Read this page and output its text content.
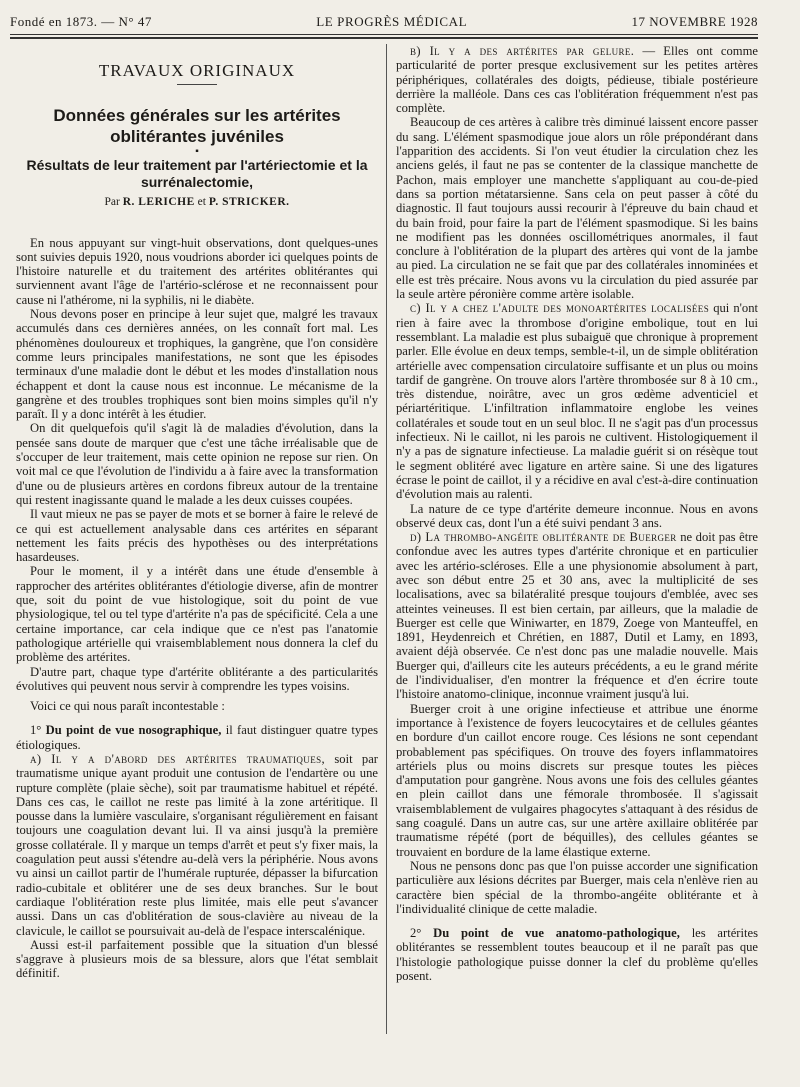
Fondé en 1873. — N° 47	LE PROGRÈS MÉDICAL	17 NOVEMBRE 1928
TRAVAUX ORIGINAUX
Données générales sur les artérites oblitérantes juvéniles
▪
Résultats de leur traitement par l'artériectomie et la surrénalectomie,
Par R. LERICHE et P. STRICKER.

En nous appuyant sur vingt-huit observations, dont quelques-unes sont suivies depuis 1920, nous voudrions aborder ici quelques points de l'histoire naturelle et du traitement des artérites oblitérantes qui surviennent avant l'âge de l'artério-sclérose et ne reconnaissent pour cause ni l'athérome, ni la syphilis, ni le diabète.

Nous devons poser en principe à leur sujet que, malgré les travaux accumulés dans ces dernières années, on les connaît fort mal. Les phénomènes douloureux et trophiques, la gangrène, que l'on considère comme leurs principales manifestations, ne sont que les épisodes terminaux d'une maladie dont le début et les modes d'installation nous échappent et dont la cause nous est inconnue. Le mécanisme de la gangrène et des troubles trophiques sont bien moins simples qu'il n'y paraît. Il y a donc intérêt à les étudier.

On dit quelquefois qu'il s'agit là de maladies d'évolution, dans la pensée sans doute de marquer que c'est une tâche irréalisable que de s'occuper de leur traitement, mais cette opinion ne repose sur rien. On voit mal ce que l'évolution de l'individu a à faire avec la transformation d'une ou de plusieurs artères en cordons fibreux autour de la trentaine qui restent inagissante quand le malade a les deux cuisses coupées.

Il vaut mieux ne pas se payer de mots et se borner à faire le relevé de ce qui est actuellement analysable dans ces artérites en séparant nettement les faits précis des hypothèses ou des interprétations hasardeuses.

Pour le moment, il y a intérêt dans une étude d'ensemble à rapprocher des artérites oblitérantes d'étiologie diverse, afin de montrer que, soit du point de vue histologique, soit du point de vue physiologique, tel ou tel type d'artérite n'a pas de spécificité. Cela a une certaine importance, car cela indique que ce n'est pas l'anatomie pathologique artérielle qui vraisemblablement nous donnera la clef du problème des artérites.

D'autre part, chaque type d'artérite oblitérante a des particularités évolutives qui peuvent nous servir à comprendre les types voisins.

Voici ce qui nous paraît incontestable :

1° Du point de vue nosographique, il faut distinguer quatre types étiologiques.

a) Il y a d'abord des artérites traumatiques, soit par traumatisme unique ayant produit une contusion de l'endartère ou une rupture complète (plaie sèche), soit par traumatisme habituel et répété. Dans ces cas, le caillot ne reste pas limité à la zone artéritique. Il pousse dans la lumière vasculaire, s'organisant régulièrement en faisant toujours une coagulation devant lui. Il va ainsi jusqu'à la première grosse collatérale. Il y marque un temps d'arrêt et peut s'y fixer mais, la coagulation peut aussi s'étendre au-delà vers la périphérie. Nous avons vu ainsi un caillot partir de l'humérale rupturée, dépasser la bifurcation radio-cubitale et oblitérer une de ses deux branches. Sur le bout cardiaque l'oblitération reste plus limitée, mais elle peut s'avancer aussi. Dans un cas d'oblitération de sous-clavière au niveau de la clavicule, le caillot se poursuivait au-delà de l'espace interscalénique.

Aussi est-il parfaitement possible que la situation d'un blessé s'aggrave à plusieurs mois de sa blessure, alors que l'état semblait définitif.

b) Il y a des artérites par gelure. — Elles ont comme particularité de porter presque exclusivement sur les petites artères périphériques, collatérales des doigts, pédieuse, tibiale postérieure derrière la malléole. Dans ces cas l'oblitération fréquemment n'est pas complète.

Beaucoup de ces artères à calibre très diminué laissent encore passer du sang. L'élément spasmodique joue alors un rôle prépondérant dans l'apparition des accidents. Si l'on veut étudier la circulation chez les anciens gelés, il faut ne pas se contenter de la classique manchette de Pachon, mais employer une manchette s'appliquant au cou-de-pied dans sa portion métatarsienne. Sans cela on peut passer à côté du diagnostic. Il faut toujours aussi recourir à l'épreuve du bain chaud et du bain froid, pour faire la part de l'élément spasmodique. Si les bains ne modifient pas les données oscillométriques anormales, il faut conclure à l'oblitération de la plupart des artères qui vont de la jambe au pied. La circulation ne se fait que par des collatérales innominées et elle est très précaire. Nous avons vu la circulation du pied assurée par la seule artère péronière comme artère isolable.

c) Il y a chez l'adulte des monoartérites localisées qui n'ont rien à faire avec la thrombose d'origine embolique, tout en lui ressemblant. La maladie est plus subaiguë que chronique à proprement parler. Elle évolue en deux temps, semble-t-il, un de simple oblitération artérielle avec compensation circulatoire suffisante et un plus ou moins tardif de gangrène. On trouve alors l'artère thrombosée sur 8 à 10 cm., très distendue, noirâtre, avec un gros œdème adventiciel et périartéritique. L'infiltration inflammatoire englobe les veines collatérales et soude tout en un seul bloc. Il ne s'agit pas d'un processus infectieux. Ni le caillot, ni les parois ne cultivent. Histologiquement il n'y a pas de signature infectieuse. La maladie guérit si on résèque tout le segment oblitéré avec ligature en artère saine. Si une des ligatures écrase le point de caillot, il y a récidive en aval c'est-à-dire continuation d'évolution mais au ralenti.

La nature de ce type d'artérite demeure inconnue. Nous en avons observé deux cas, dont l'un a été suivi pendant 3 ans.

d) La thrombo-angéite oblitérante de Buerger ne doit pas être confondue avec les autres types d'artérite chronique et en particulier avec les artério-scléroses. Elle a une physionomie absolument à part, avec son début entre 25 et 30 ans, avec la multiplicité de ses localisations, avec sa bilatéralité presque toujours d'emblée, avec ses atteintes veineuses. Il est bien certain, par ailleurs, que la maladie de Buerger est celle que Winiwarter, en 1879, Zoege von Manteuffel, en 1891, Heydenreich et Chrétien, en 1887, Dutil et Lamy, en 1893, avaient déjà observée. Ce n'est donc pas une maladie nouvelle. Mais Buerger qui, d'ailleurs cite les auteurs précédents, a eu le grand mérite de l'individualiser, d'en montrer la fréquence et d'en écrire toute l'histoire anatomo-clinique, inconnue vraiment jusqu'à lui.

Buerger croit à une origine infectieuse et attribue une énorme importance à l'existence de foyers leucocytaires et de cellules géantes en bordure d'un caillot encore rouge. Ces lésions ne sont cependant probablement pas spécifiques. On trouve des foyers inflammatoires artériels plus ou moins discrets sur presque toutes les pièces d'amputation pour gangrène. Nous avons une fois des cellules géantes en plein caillot dans une fémorale thrombosée. Il s'agissait vraisemblablement de vulgaires phagocytes s'attaquant à des résidus de sang coagulé. Dans un autre cas, sur une artère axillaire oblitérée par traumatisme répété (port de béquilles), des cellules géantes se trouvaient en bordure de la lame élastique externe.

Nous ne pensons donc pas que l'on puisse accorder une signification particulière aux lésions décrites par Buerger, mais cela n'enlève rien au caractère bien spécial de la thrombo-angéite oblitérante et à l'individualité clinique de cette maladie.

2° Du point de vue anatomo-pathologique, les artérites oblitérantes se ressemblent toutes beaucoup et il ne paraît pas que l'histologie pathologique puisse donner la clef du problème qu'elles posent.
